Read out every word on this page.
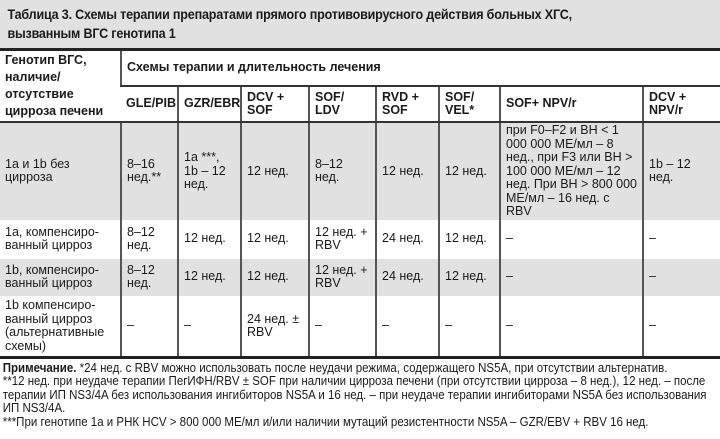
Таблица 3. Схемы терапии препаратами прямого противовирусного действия больных ХГС,
вызванным ВГС генотипа 1
Генотип ВГС, наличие/ отсутствие цирроза печени	Схемы терапии и длительность лечения							
	GLE/PIB	GZR/EBR	DCV + SOF	SOF/ LDV	RVD + SOF	SOF/ VEL*	SOF+ NPV/r	DCV + NPV/r
1а и 1b без цирроза	8–16 нед.**	1а ***, 1b – 12 нед.	12 нед.	8–12 нед.	12 нед.	12 нед.	при F0–F2 и ВН < 1 000 000 МЕ/мл – 8 нед., при F3 или ВН > 100 000 МЕ/мл – 12 нед. При ВН > 800 000 МЕ/мл – 16 нед. с RBV	1b – 12 нед.
1а, компенсированный цирроз	8–12 нед.	12 нед.	12 нед.	12 нед. + RBV	24 нед.	12 нед.	–	–
1b, компенсированный цирроз	8–12 нед.	12 нед.	12 нед.	12 нед. + RBV	24 нед.	12 нед.	–	–
1b компенсированный цирроз (альтернативные схемы)	–	–	24 нед. ± RBV	–	–	–	–	–
Примечание. *24 нед. с RBV можно использовать после неудачи режима, содержащего NS5A, при отсутствии альтернатив.
**12 нед. при неудаче терапии ПегИФН/RBV ± SOF при наличии цирроза печени (при отсутствии цирроза – 8 нед.), 12 нед. – после терапии ИП NS3/4A без использования ингибиторов NS5A и 16 нед. – при неудаче терапии ингибиторами NS5A без использования ИП NS3/4A.
***При генотипе 1а и РНК HCV > 800 000 МЕ/мл и/или наличии мутаций резистентности NS5A – GZR/EBV + RBV 16 нед.
